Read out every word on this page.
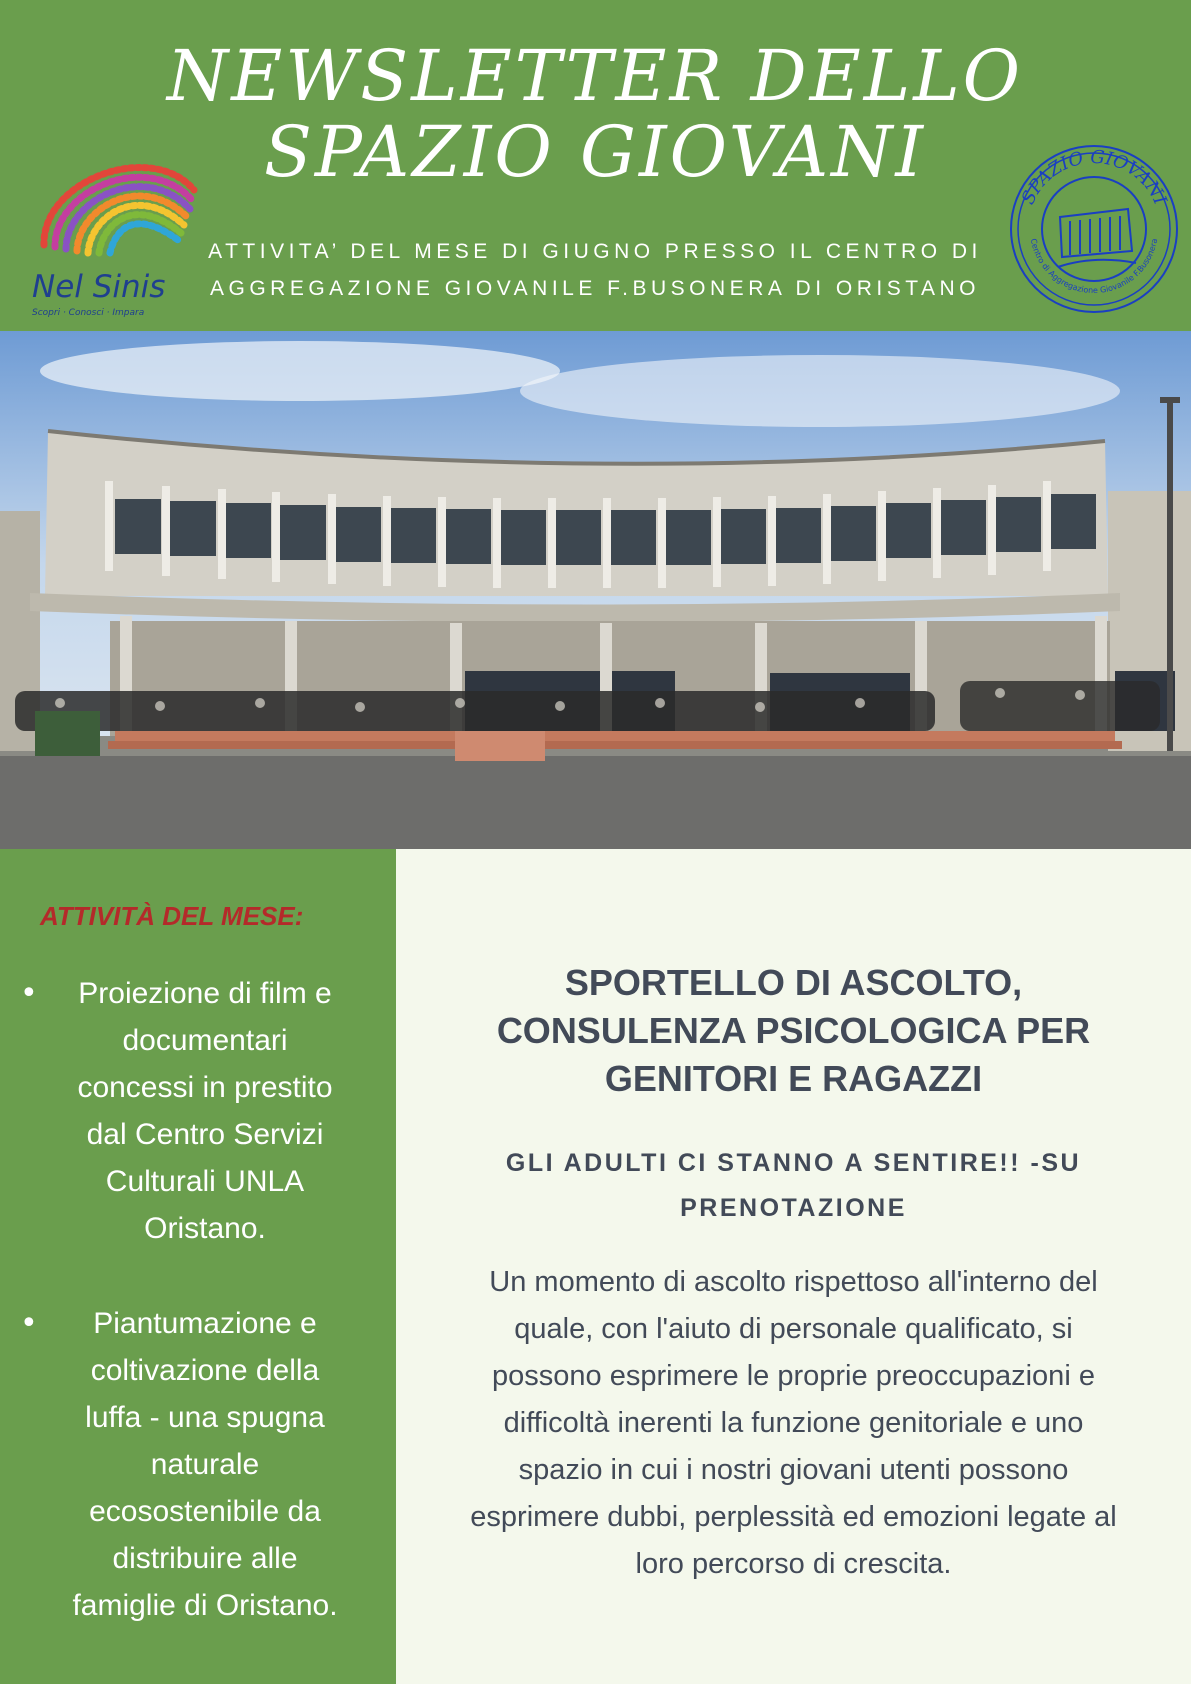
NEWSLETTER DELLO
SPAZIO GIOVANI

ATTIVITA’ DEL MESE DI GIUGNO PRESSO IL CENTRO DI
AGGREGAZIONE GIOVANILE F.BUSONERA DI ORISTANO

Nel Sinis
Scopri · Conosci · Impara
SPAZIO GIOVANI
Centro di Aggregazione Giovanile F.Busonera
ATTIVITÀ DEL MESE:
•	Proiezione di film e
documentari
concessi in prestito
dal Centro Servizi
Culturali UNLA
Oristano.
•	Piantumazione e
coltivazione della
luffa - una spugna
naturale
ecosostenibile da
distribuire alle
famiglie di Oristano.
SPORTELLO DI ASCOLTO,
CONSULENZA PSICOLOGICA PER
GENITORI E RAGAZZI
GLI ADULTI CI STANNO A SENTIRE!! -SU
PRENOTAZIONE

Un momento di ascolto rispettoso all'interno del
quale, con l'aiuto di personale qualificato, si
possono esprimere le proprie preoccupazioni e
difficoltà inerenti la funzione genitoriale e uno
spazio in cui i nostri giovani utenti possono
esprimere dubbi, perplessità ed emozioni legate al
loro percorso di crescita.
